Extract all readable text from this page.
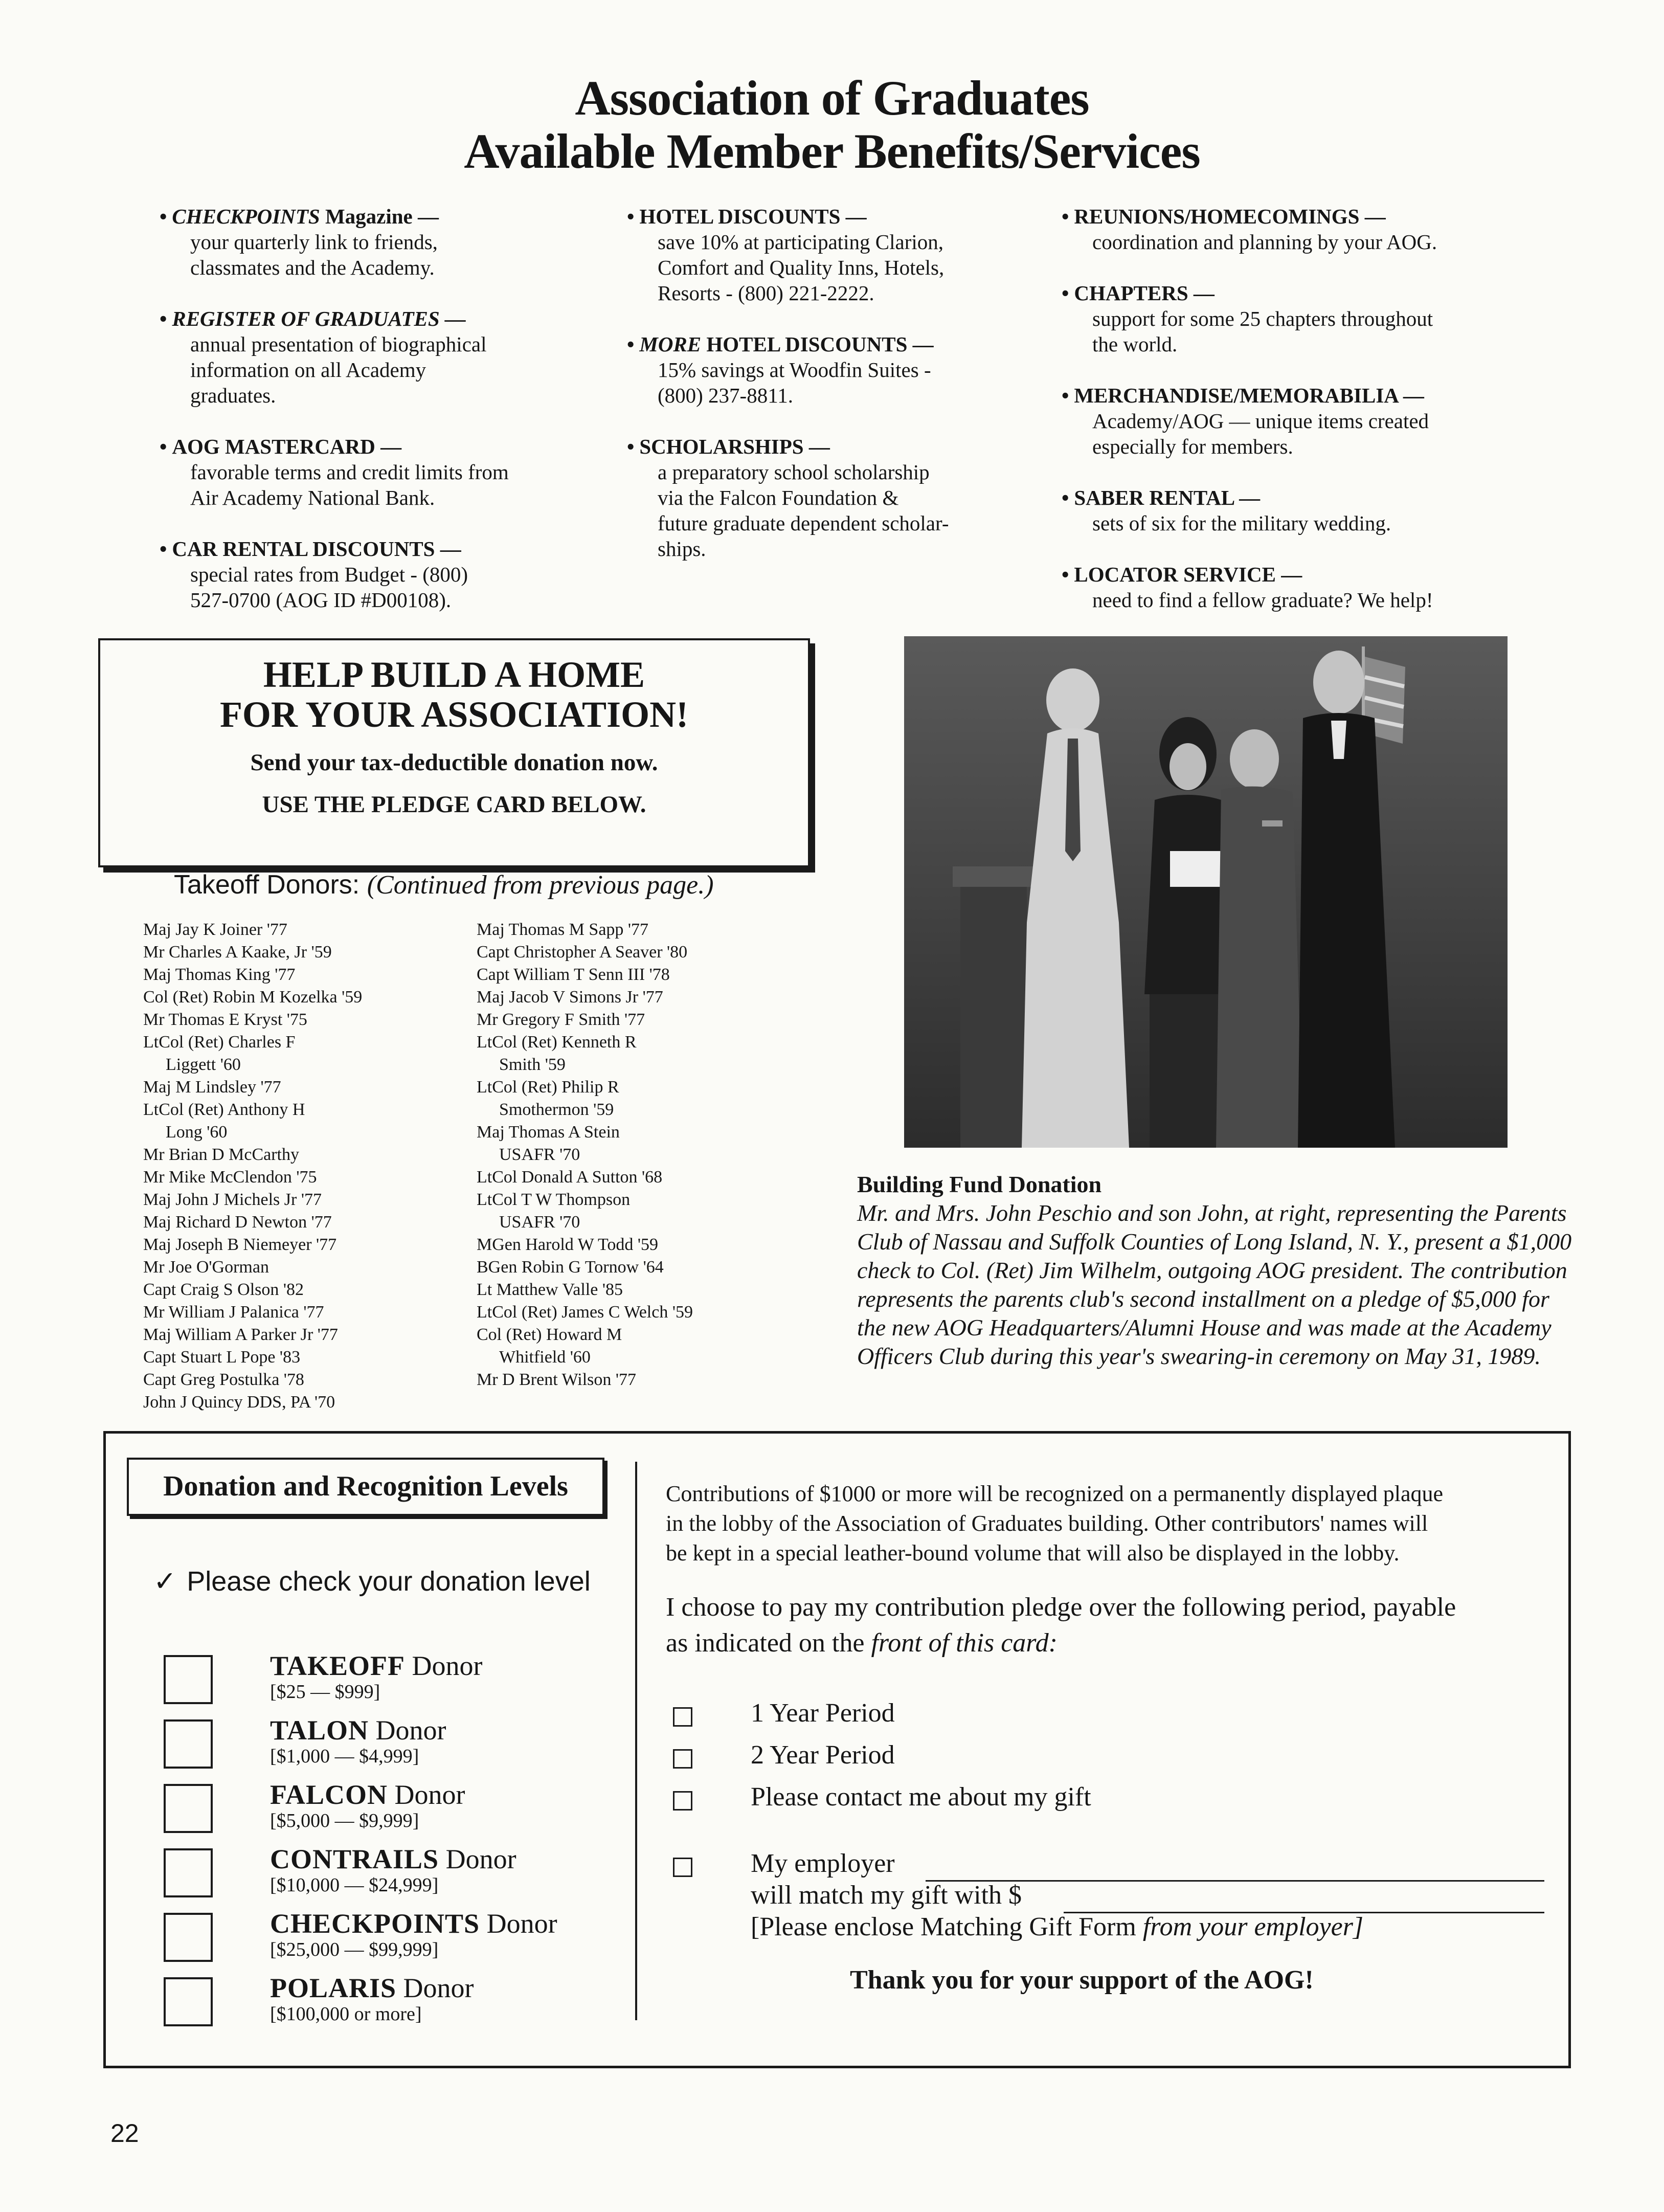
Association of Graduates
Available Member Benefits/Services
• CHECKPOINTS Magazine —
your quarterly link to friends,
classmates and the Academy.
• REGISTER OF GRADUATES —
annual presentation of biographical
information on all Academy
graduates.
• AOG MASTERCARD —
favorable terms and credit limits from
Air Academy National Bank.
• CAR RENTAL DISCOUNTS —
special rates from Budget - (800)
527-0700 (AOG ID #D00108).
• HOTEL DISCOUNTS —
save 10% at participating Clarion,
Comfort and Quality Inns, Hotels,
Resorts - (800) 221-2222.
• MORE HOTEL DISCOUNTS —
15% savings at Woodfin Suites -
(800) 237-8811.
• SCHOLARSHIPS —
a preparatory school scholarship
via the Falcon Foundation &
future graduate dependent scholar-
ships.
• REUNIONS/HOMECOMINGS —
coordination and planning by your AOG.
• CHAPTERS —
support for some 25 chapters throughout
the world.
• MERCHANDISE/MEMORABILIA —
Academy/AOG — unique items created
especially for members.
• SABER RENTAL —
sets of six for the military wedding.
• LOCATOR SERVICE —
need to find a fellow graduate? We help!
HELP BUILD A HOME
FOR YOUR ASSOCIATION!
Send your tax-deductible donation now.
USE THE PLEDGE CARD BELOW.
Takeoff Donors: (Continued from previous page.)
Maj Jay K Joiner '77
Mr Charles A Kaake, Jr '59
Maj Thomas King '77
Col (Ret) Robin M Kozelka '59
Mr Thomas E Kryst '75
LtCol (Ret) Charles F
Liggett '60
Maj M Lindsley '77
LtCol (Ret) Anthony H
Long '60
Mr Brian D McCarthy
Mr Mike McClendon '75
Maj John J Michels Jr '77
Maj Richard D Newton '77
Maj Joseph B Niemeyer '77
Mr Joe O'Gorman
Capt Craig S Olson '82
Mr William J Palanica '77
Maj William A Parker Jr '77
Capt Stuart L Pope '83
Capt Greg Postulka '78
John J Quincy DDS, PA '70
Maj Thomas M Sapp '77
Capt Christopher A Seaver '80
Capt William T Senn III '78
Maj Jacob V Simons Jr '77
Mr Gregory F Smith '77
LtCol (Ret) Kenneth R
Smith '59
LtCol (Ret) Philip R
Smothermon '59
Maj Thomas A Stein
USAFR '70
LtCol Donald A Sutton '68
LtCol T W Thompson
USAFR '70
MGen Harold W Todd '59
BGen Robin G Tornow '64
Lt Matthew Valle '85
LtCol (Ret) James C Welch '59
Col (Ret) Howard M
Whitfield '60
Mr D Brent Wilson '77
Building Fund Donation
Mr. and Mrs. John Peschio and son John, at right, representing the Parents Club of Nassau and Suffolk Counties of Long Island, N. Y., present a $1,000 check to Col. (Ret) Jim Wilhelm, outgoing AOG president. The contribution represents the parents club's second installment on a pledge of $5,000 for the new AOG Headquarters/Alumni House and was made at the Academy Officers Club during this year's swearing-in ceremony on May 31, 1989.
Donation and Recognition Levels
✓ Please check your donation level
TAKEOFF Donor
[$25 — $999]
TALON Donor
[$1,000 — $4,999]
FALCON Donor
[$5,000 — $9,999]
CONTRAILS Donor
[$10,000 — $24,999]
CHECKPOINTS Donor
[$25,000 — $99,999]
POLARIS Donor
[$100,000 or more]
Contributions of $1000 or more will be recognized on a permanently displayed plaque
in the lobby of the Association of Graduates building. Other contributors' names will
be kept in a special leather-bound volume that will also be displayed in the lobby.
I choose to pay my contribution pledge over the following period, payable
as indicated on the front of this card:
1 Year Period
2 Year Period
Please contact me about my gift
My employer
will match my gift with $
[Please enclose Matching Gift Form from your employer]
Thank you for your support of the AOG!
22
